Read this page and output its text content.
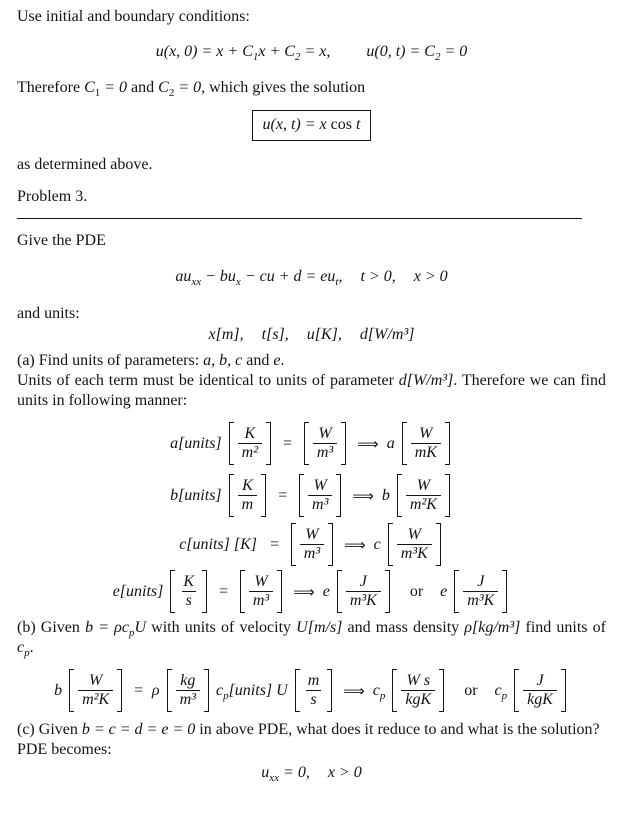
Use initial and boundary conditions:
u(x, $0) = x + C_1x + C_2 = x$, u(0, $t) = C_2 = 0$
Therefore $C_1 = 0$ and $C_2 = 0$, which gives the solution
u(x, t) = x cos t
as determined above.
Problem 3.
Give the PDE
$au_{xx} - bu_x$ − cu + $d = eu_t$, t > 0, x > 0
and units:
x[m], t[s], u[K], d[W/m³]
(a) Find units of parameters: a, b, c and e.
Units of each term must be identical to units of parameter d[W/m³]. Therefore we can find units in following manner:
a[units] $\frac{K}{\text{m²}} = \frac{W}{\text{m³}}$ ⟹ a $\frac{W}{mK}$
b[units] $\frac{K}{m} = \frac{W}{\text{m³}}$ ⟹ b $\frac{W}{\text{m²K}}$
c[units] $[K] = \frac{W}{\text{m³}}$ ⟹ c $\frac{W}{\text{m³K}}$
e[units] $\frac{K}{s} = \frac{W}{\text{m³}}$ ⟹ e $\frac{J}{\text{m³K}}$ or e $\frac{J}{\text{m³K}}$
(b) Given $b = \rho c_pU$ with units of velocity U[m/s] and mass density ρ[kg/m³] find units of $c_p$.
b $\frac{W}{\text{m²K}} = \rho \frac{kg}{\text{m³}}$ $c_p[units]$ U $\frac{m}{s}$ ⟹ $c_p \frac{\text{W s}}{\text{kgK}}$ or $c_p \frac{J}{\text{kgK}}$
(c) Given b = c = d = e = 0 in above PDE, what does it reduce to and what is the solution?
PDE becomes:
$u_{xx} = 0$, x > 0
